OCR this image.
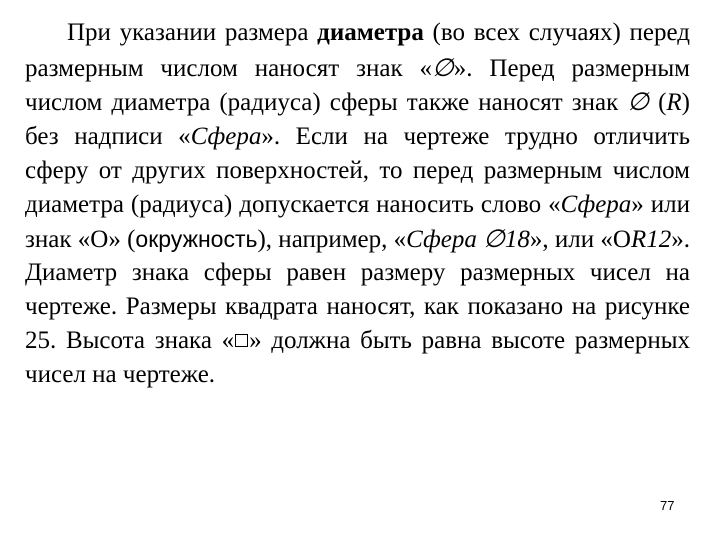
При указании размера диаметра (во всех случаях) перед
размерным числом наносят знак «∅». Перед размерным
числом диаметра (радиуса) сферы также наносят знак ∅ (R)
без надписи «Сфера». Если на чертеже трудно отличить
сферу от других поверхностей, то перед размерным числом
диаметра (радиуса) допускается наносить слово «Сфера» или
знак «О» (окружность), например, «Сфера ∅18», или «ОR12».
Диаметр знака сферы равен размеру размерных чисел на
чертеже. Размеры квадрата наносят, как показано на рисунке
25. Высота знака « » должна быть равна высоте размерных
чисел на чертеже.
77
